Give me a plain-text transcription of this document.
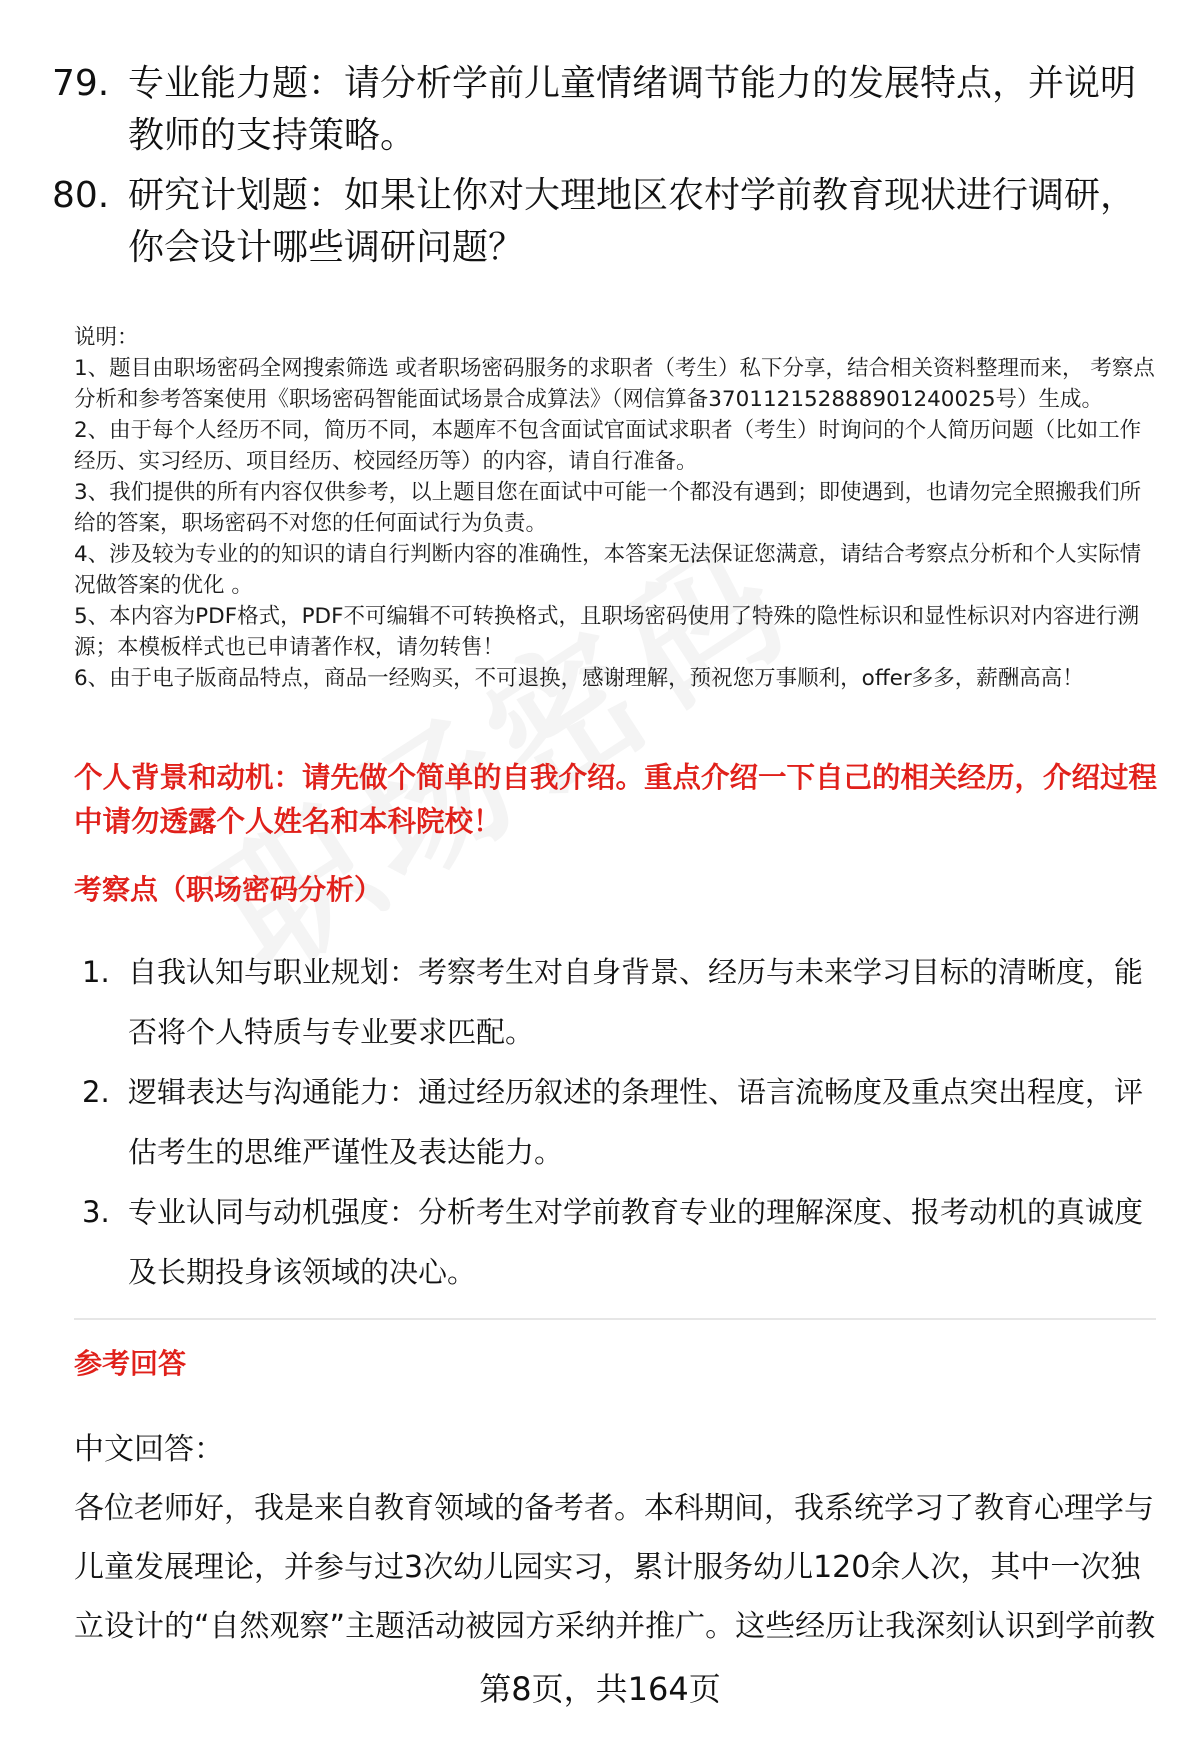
79. 专业能力题：请分析学前儿童情绪调节能力的发展特点，并说明教师的支持策略。
80. 研究计划题：如果让你对大理地区农村学前教育现状进行调研，你会设计哪些调研问题？

说明：

1、题目由职场密码全网搜索筛选 或者职场密码服务的求职者（考生）私下分享，结合相关资料整理而来， 考察点分析和参考答案使用《职场密码智能面试场景合成算法》（网信算备370112152888901240025号）生成。

2、由于每个人经历不同，简历不同，本题库不包含面试官面试求职者（考生）时询问的个人简历问题（比如工作经历、实习经历、项目经历、校园经历等）的内容，请自行准备。

3、我们提供的所有内容仅供参考，以上题目您在面试中可能一个都没有遇到；即使遇到，也请勿完全照搬我们所给的答案，职场密码不对您的任何面试行为负责。

4、涉及较为专业的的知识的请自行判断内容的准确性，本答案无法保证您满意，请结合考察点分析和个人实际情况做答案的优化 。

5、本内容为PDF格式，PDF不可编辑不可转换格式，且职场密码使用了特殊的隐性标识和显性标识对内容进行溯源；本模板样式也已申请著作权，请勿转售！

6、由于电子版商品特点，商品一经购买，不可退换，感谢理解，预祝您万事顺利，offer多多，薪酬高高！

个人背景和动机：请先做个简单的自我介绍。重点介绍一下自己的相关经历，介绍过程中请勿透露个人姓名和本科院校！
考察点（职场密码分析）
1. 自我认知与职业规划：考察考生对自身背景、经历与未来学习目标的清晰度，能否将个人特质与专业要求匹配。
2. 逻辑表达与沟通能力：通过经历叙述的条理性、语言流畅度及重点突出程度，评估考生的思维严谨性及表达能力。
3. 专业认同与动机强度：分析考生对学前教育专业的理解深度、报考动机的真诚度及长期投身该领域的决心。
参考回答

中文回答：

各位老师好，我是来自教育领域的备考者。本科期间，我系统学习了教育心理学与儿童发展理论，并参与过3次幼儿园实习，累计服务幼儿120余人次，其中一次独立设计的“自然观察”主题活动被园方采纳并推广。这些经历让我深刻认识到学前教

第8页，共164页
